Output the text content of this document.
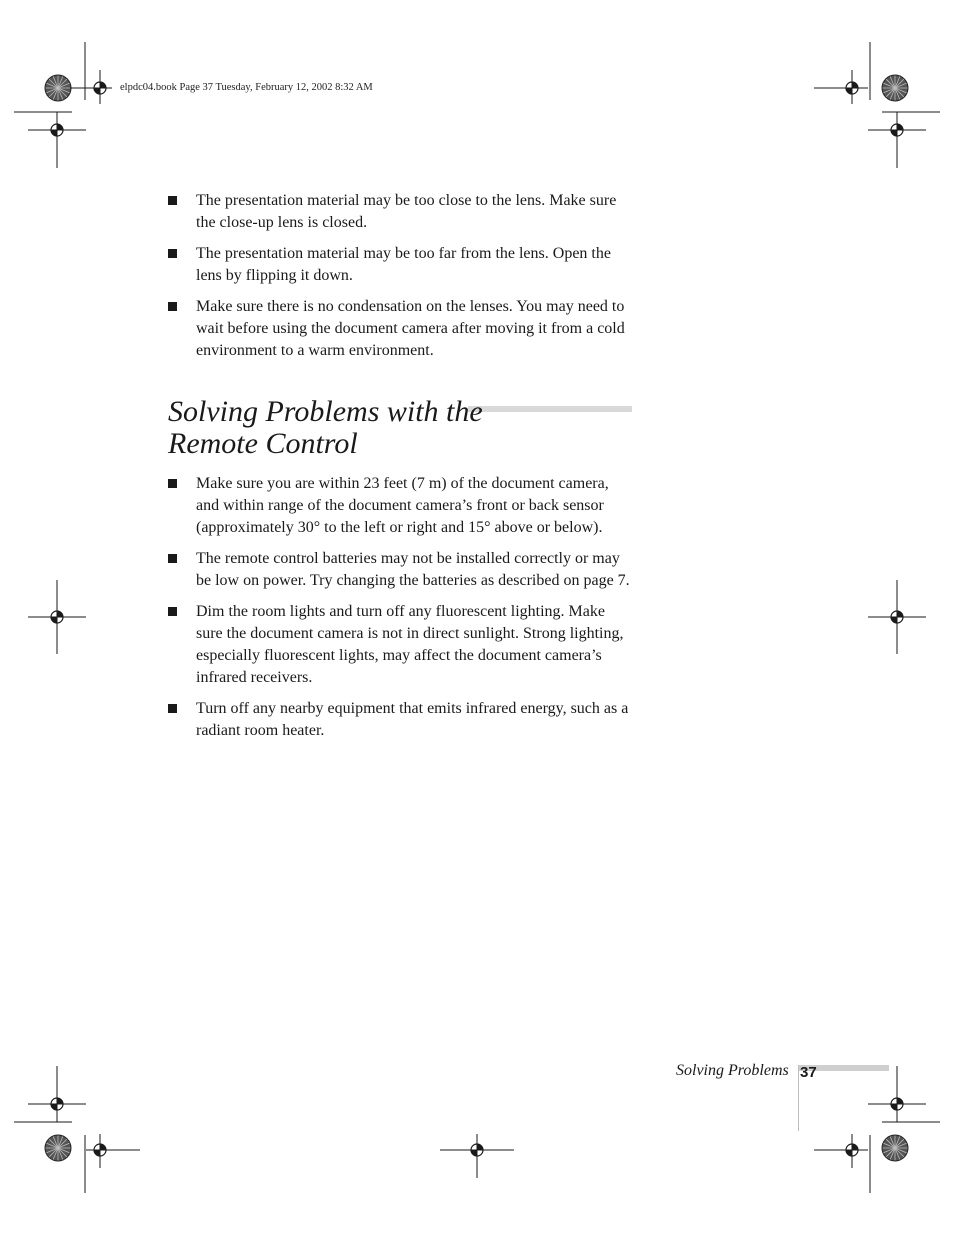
elpdc04.book Page 37 Tuesday, February 12, 2002 8:32 AM
The presentation material may be too close to the lens. Make sure the close-up lens is closed.
The presentation material may be too far from the lens. Open the lens by flipping it down.
Make sure there is no condensation on the lenses. You may need to wait before using the document camera after moving it from a cold environment to a warm environment.
Solving Problems with the
Remote Control
Make sure you are within 23 feet (7 m) of the document camera, and within range of the document camera’s front or back sensor (approximately 30° to the left or right and 15° above or below).
The remote control batteries may not be installed correctly or may be low on power. Try changing the batteries as described on page 7.
Dim the room lights and turn off any fluorescent lighting. Make sure the document camera is not in direct sunlight. Strong lighting, especially fluorescent lights, may affect the document camera’s infrared receivers.
Turn off any nearby equipment that emits infrared energy, such as a radiant room heater.
Solving Problems 37
